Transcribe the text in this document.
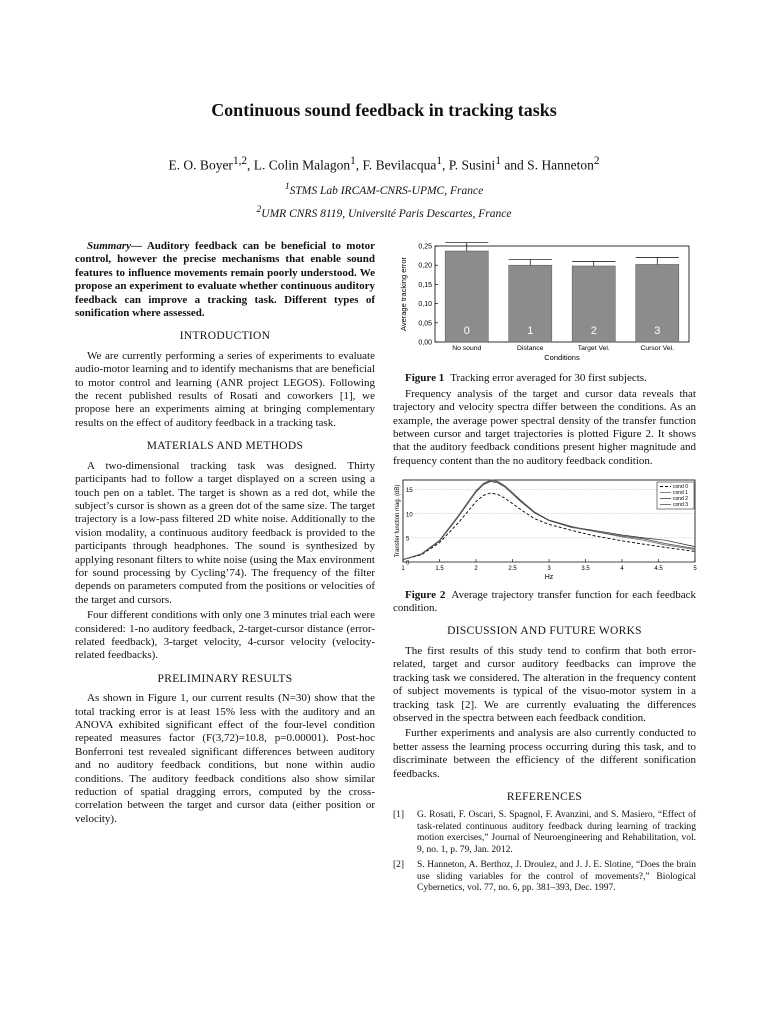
Continuous sound feedback in tracking tasks
E. O. Boyer$^{1,2}$, L. Colin Malagon$^1$, F. Bevilacqua$^1$, P. Susini$^1$ and S. Hanneton$^2$
$^1$STMS Lab IRCAM-CNRS-UPMC, France
$^2$UMR CNRS 8119, Université Paris Descartes, France

Summary— Auditory feedback can be beneficial to motor control, however the precise mechanisms that enable sound features to influence movements remain poorly understood. We propose an experiment to evaluate whether continuous auditory feedback can improve a tracking task. Different types of sonification where assessed.

INTRODUCTION

We are currently performing a series of experiments to evaluate audio-motor learning and to identify mechanisms that are beneficial to motor control and learning (ANR project LEGOS). Following the recent published results of Rosati and coworkers [1], we propose here an experiments aiming at bringing complementary results on the effect of auditory feedback in a tracking task.

MATERIALS AND METHODS

A two-dimensional tracking task was designed. Thirty participants had to follow a target displayed on a screen using a touch pen on a tablet. The target is shown as a red dot, while the subject’s cursor is shown as a green dot of the same size. The target trajectory is a low-pass filtered 2D white noise. Additionally to the vision modality, a continuous auditory feedback is provided to the participants through headphones. The sound is synthesized by applying resonant filters to white noise (using the Max environment for sound processing by Cycling’74). The frequency of the filter depends on parameters computed from the positions or velocities of the target and cursors.

Four different conditions with only one 3 minutes trial each were considered: 1-no auditory feedback, 2-target-cursor distance (error-related feedback), 3-target velocity, 4-cursor velocity (velocity-related feedbacks).

PRELIMINARY RESULTS

As shown in Figure 1, our current results (N=30) show that the total tracking error is at least 15% less with the auditory and an ANOVA exhibited significant effect of the four-level condition repeated measures factor (F(3,72)=10.8, p=0.00001). Post-hoc Bonferroni test revealed significant differences between auditory and no auditory feedback conditions, but none within audio conditions. The auditory feedback conditions also show similar reduction of spatial dragging errors, computed by the cross-correlation between the target and cursor data (either position or velocity).

0,00
0,05
0,10
0,15
0,20
0,25
Average tracking error	0
No sound
1
Distance
2
Target Vel.
3
Cursor Vel.
Conditions

Figure 1 Tracking error averaged for 30 first subjects.

Frequency analysis of the target and cursor data reveals that trajectory and velocity spectra differ between the conditions. As an example, the average power spectral density of the transfer function between cursor and target trajectories is plotted Figure 2. It shows that the auditory feedback conditions present higher magnitude and frequency content than the no auditory feedback condition.

0
5
10
15
1	1.5	2	2.5	3	3.5	4	4.5	5
Hz
Transfer function mag. (dB)	cond 0
cond 1
cond 2
cond 3

Figure 2 Average trajectory transfer function for each feedback condition.

DISCUSSION AND FUTURE WORKS

The first results of this study tend to confirm that both error-related, target and cursor auditory feedbacks can improve the tracking task we considered. The alteration in the frequency content of subject movements is typical of the visuo-motor system in a tracking task [2]. We are currently evaluating the differences observed in the spectra between each feedback condition.

Further experiments and analysis are also currently conducted to better assess the learning process occurring during this task, and to discriminate between the efficiency of the different sonification feedbacks.

REFERENCES
[1]	G. Rosati, F. Oscari, S. Spagnol, F. Avanzini, and S. Masiero, “Effect of task-related continuous auditory feedback during learning of tracking motion exercises,” Journal of Neuroengineering and Rehabilitation, vol. 9, no. 1, p. 79, Jan. 2012.
[2]	S. Hanneton, A. Berthoz, J. Droulez, and J. J. E. Slotine, “Does the brain use sliding variables for the control of movements?,” Biological Cybernetics, vol. 77, no. 6, pp. 381–393, Dec. 1997.
